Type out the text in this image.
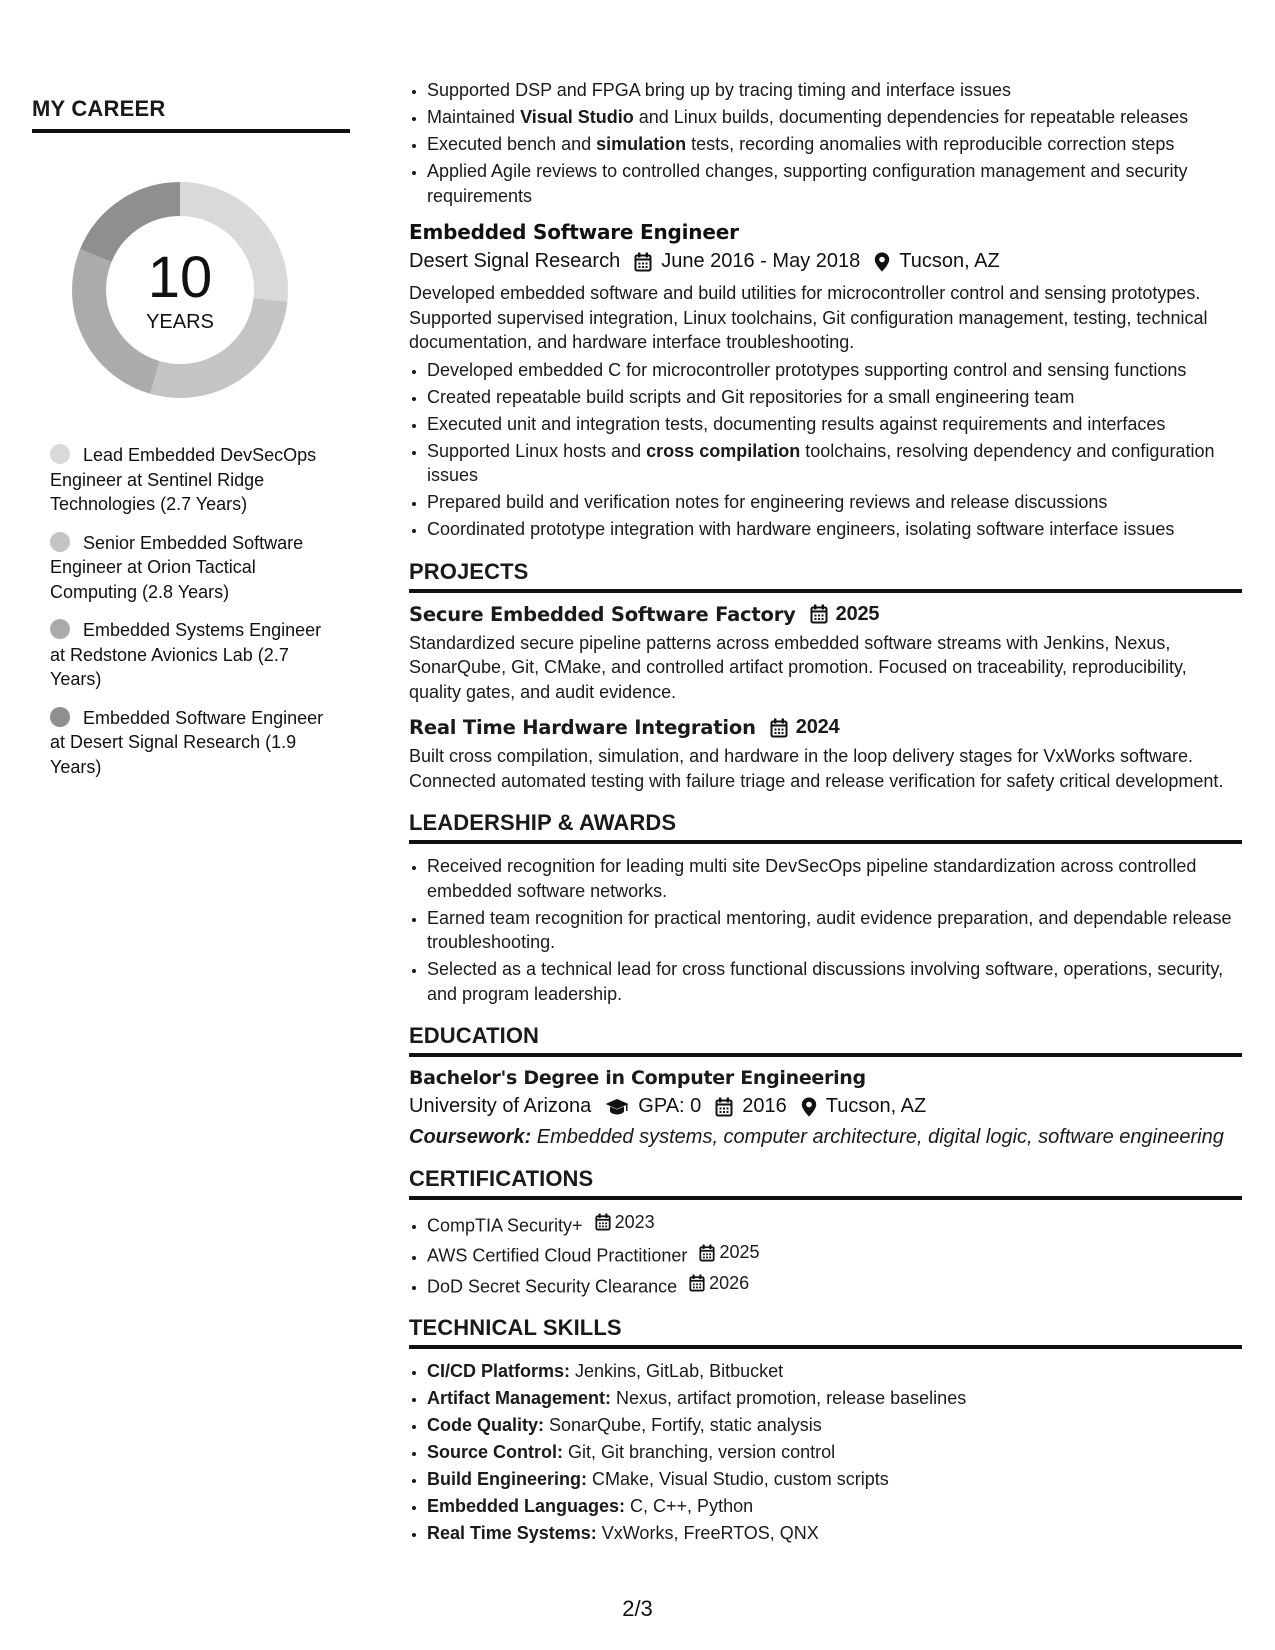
MY CAREER
10
YEARS
Lead Embedded DevSecOps Engineer at Sentinel Ridge Technologies (2.7 Years)
Senior Embedded Software Engineer at Orion Tactical Computing (2.8 Years)
Embedded Systems Engineer at Redstone Avionics Lab (2.7 Years)
Embedded Software Engineer at Desert Signal Research (1.9 Years)
• Supported DSP and FPGA bring up by tracing timing and interface issues
• Maintained Visual Studio and Linux builds, documenting dependencies for repeatable releases
• Executed bench and simulation tests, recording anomalies with reproducible correction steps
• Applied Agile reviews to controlled changes, supporting configuration management and security requirements
Embedded Software Engineer
Desert Signal Research June 2016 - May 2018 Tucson, AZ

Developed embedded software and build utilities for microcontroller control and sensing prototypes. Supported supervised integration, Linux toolchains, Git configuration management, testing, technical documentation, and hardware interface troubleshooting.

• Developed embedded C for microcontroller prototypes supporting control and sensing functions
• Created repeatable build scripts and Git repositories for a small engineering team
• Executed unit and integration tests, documenting results against requirements and interfaces
• Supported Linux hosts and cross compilation toolchains, resolving dependency and configuration issues
• Prepared build and verification notes for engineering reviews and release discussions
• Coordinated prototype integration with hardware engineers, isolating software interface issues
PROJECTS
Secure Embedded Software Factory 2025

Standardized secure pipeline patterns across embedded software streams with Jenkins, Nexus, SonarQube, Git, CMake, and controlled artifact promotion. Focused on traceability, reproducibility, quality gates, and audit evidence.

Real Time Hardware Integration 2024

Built cross compilation, simulation, and hardware in the loop delivery stages for VxWorks software. Connected automated testing with failure triage and release verification for safety critical development.

LEADERSHIP & AWARDS
• Received recognition for leading multi site DevSecOps pipeline standardization across controlled embedded software networks.
• Earned team recognition for practical mentoring, audit evidence preparation, and dependable release troubleshooting.
• Selected as a technical lead for cross functional discussions involving software, operations, security, and program leadership.
EDUCATION
Bachelor's Degree in Computer Engineering
University of Arizona GPA: 0 2016 Tucson, AZ
Coursework: Embedded systems, computer architecture, digital logic, software engineering
CERTIFICATIONS
• CompTIA Security+ 2023
• AWS Certified Cloud Practitioner 2025
• DoD Secret Security Clearance 2026
TECHNICAL SKILLS
• CI/CD Platforms: Jenkins, GitLab, Bitbucket
• Artifact Management: Nexus, artifact promotion, release baselines
• Code Quality: SonarQube, Fortify, static analysis
• Source Control: Git, Git branching, version control
• Build Engineering: CMake, Visual Studio, custom scripts
• Embedded Languages: C, C++, Python
• Real Time Systems: VxWorks, FreeRTOS, QNX
2/3
